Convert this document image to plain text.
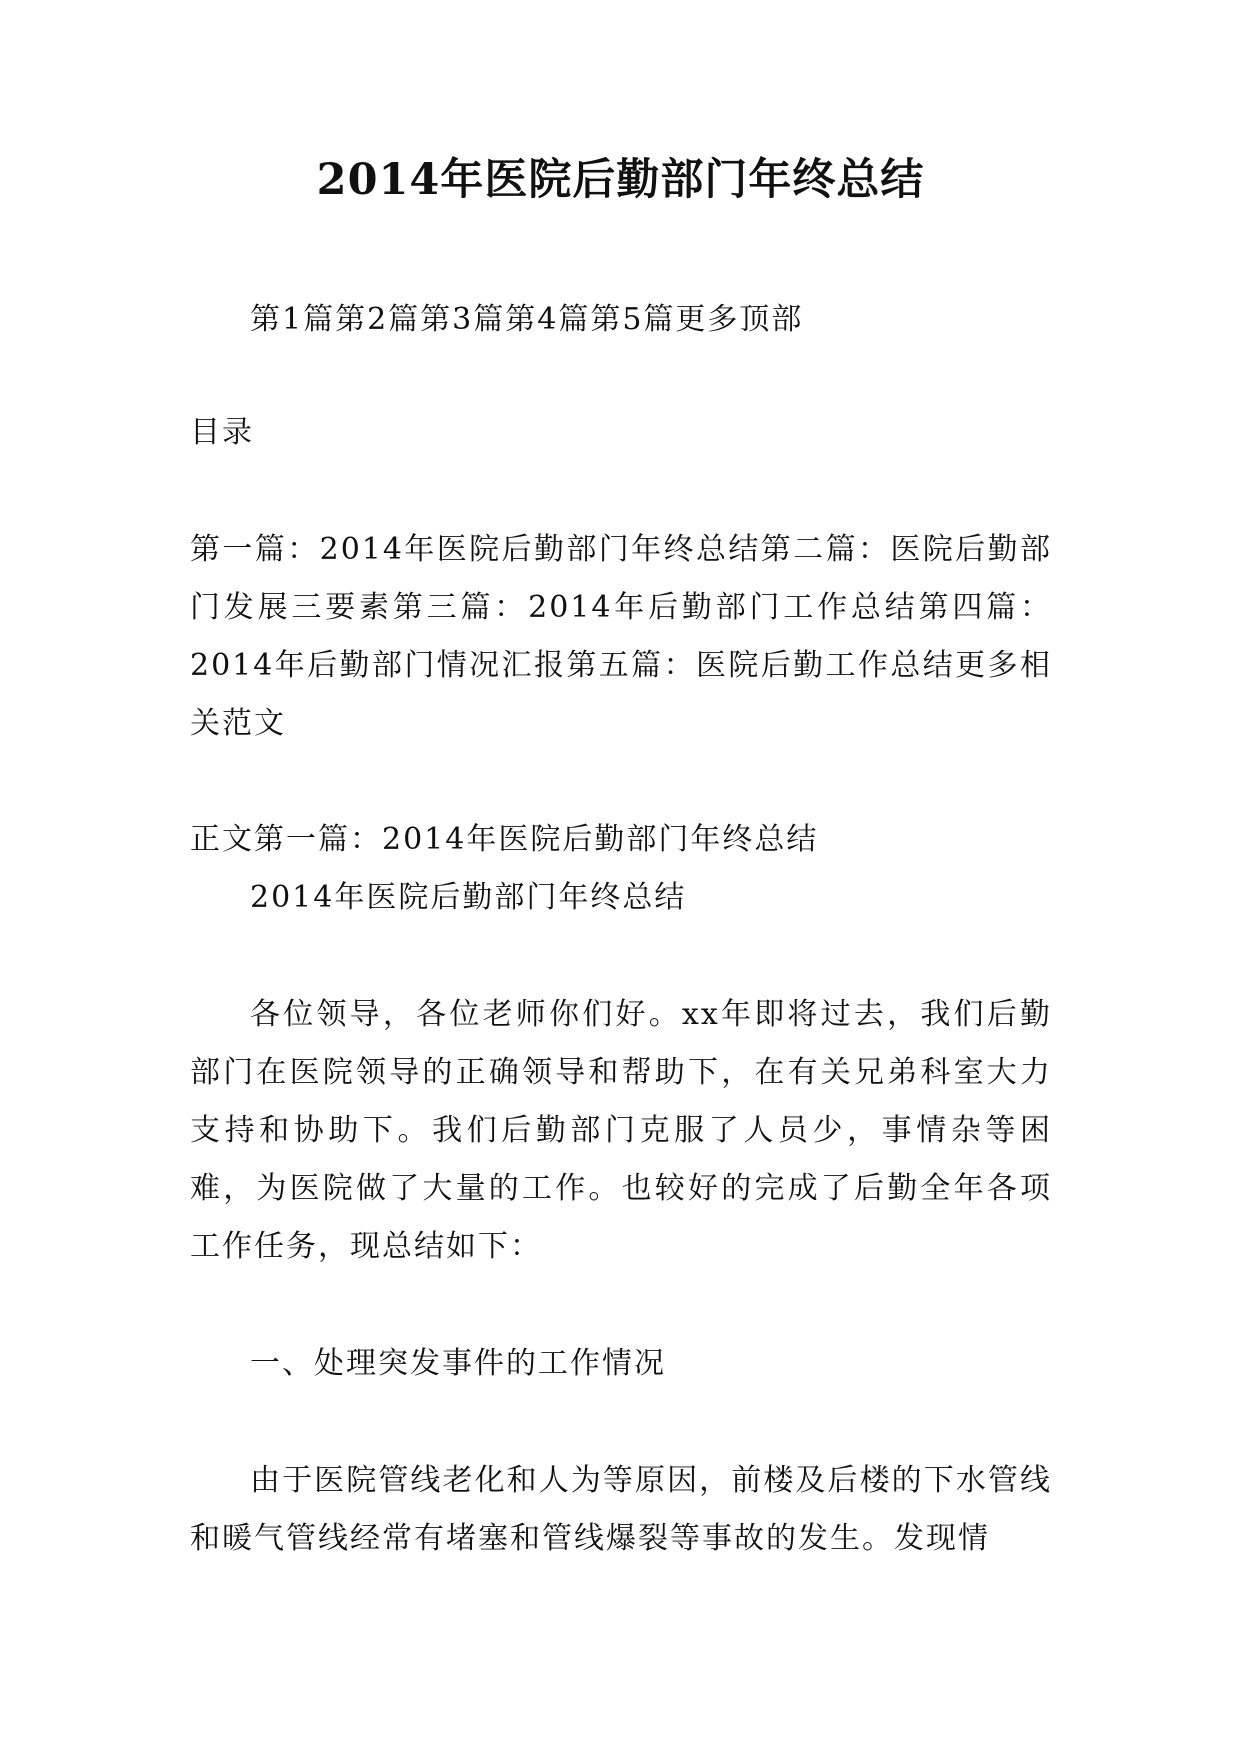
2014年医院后勤部门年终总结

第1篇第2篇第3篇第4篇第5篇更多顶部

目录

第一篇：2014年医院后勤部门年终总结第二篇：医院后勤部门发展三要素第三篇：2014年后勤部门工作总结第四篇：2014年后勤部门情况汇报第五篇：医院后勤工作总结更多相关范文

正文第一篇：2014年医院后勤部门年终总结

2014年医院后勤部门年终总结

各位领导，各位老师你们好。xx年即将过去，我们后勤部门在医院领导的正确领导和帮助下，在有关兄弟科室大力支持和协助下。我们后勤部门克服了人员少，事情杂等困难，为医院做了大量的工作。也较好的完成了后勤全年各项工作任务，现总结如下：

一、处理突发事件的工作情况

由于医院管线老化和人为等原因，前楼及后楼的下水管线和暖气管线经常有堵塞和管线爆裂等事故的发生。发现情
